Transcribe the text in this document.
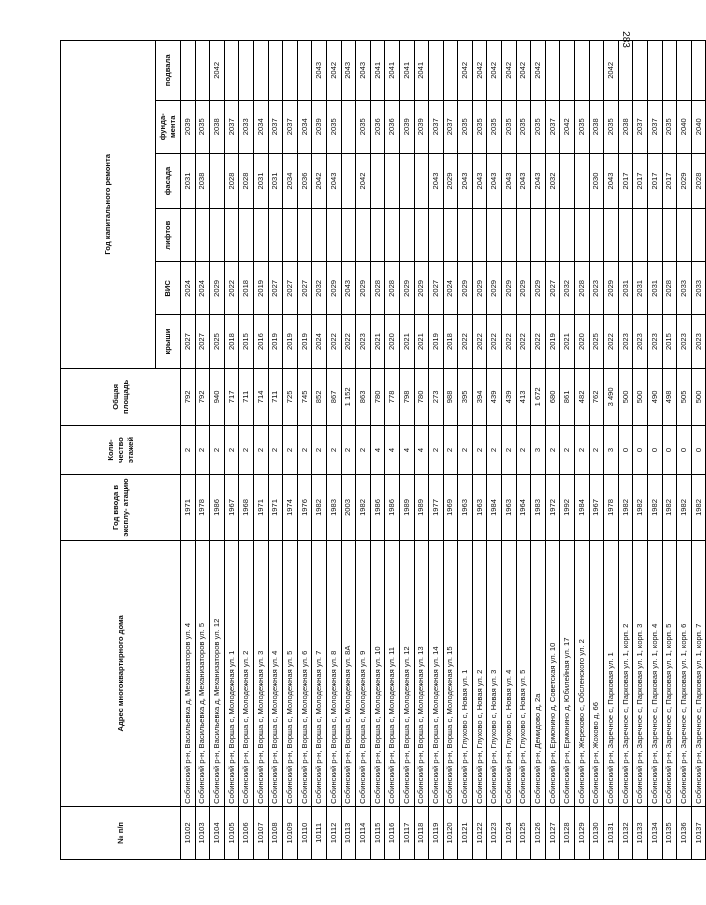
283
№ п/п	Адрес многоквартирного дома	Год ввода в эксплу- атацию	Коли- чество этажей	Общая площадь	Год капитального ремонта					
					крыши	ВИС	лифтов	фасада	фунда- мента	подвала
10102	Собинский р-н, Васильевка д, Механизаторов ул. 4	1971	2	792	2027	2024		2031	2039	
10103	Собинский р-н, Васильевка д, Механизаторов ул. 5	1978	2	792	2027	2024		2038	2035	
10104	Собинский р-н, Васильевка д, Механизаторов ул. 12	1986	2	940	2025	2029			2038	2042
10105	Собинский р-н, Ворша с, Молодежная ул. 1	1967	2	717	2018	2022		2028	2037	
10106	Собинский р-н, Ворша с, Молодежная ул. 2	1968	2	711	2015	2018		2028	2033	
10107	Собинский р-н, Ворша с, Молодежная ул. 3	1971	2	714	2016	2019		2031	2034	
10108	Собинский р-н, Ворша с, Молодежная ул. 4	1971	2	711	2019	2027		2031	2037	
10109	Собинский р-н, Ворша с, Молодежная ул. 5	1974	2	725	2019	2027		2034	2037	
10110	Собинский р-н, Ворша с, Молодежная ул. 6	1976	2	745	2019	2027		2036	2034	
10111	Собинский р-н, Ворша с, Молодежная ул. 7	1982	2	852	2024	2032		2042	2039	2043
10112	Собинский р-н, Ворша с, Молодежная ул. 8	1983	2	867	2022	2029		2043	2035	2042
10113	Собинский р-н, Ворша с, Молодежная ул. 8А	2003	2	1 152	2022	2043				2043
10114	Собинский р-н, Ворша с, Молодежная ул. 9	1982	2	863	2023	2029		2042	2035	2043
10115	Собинский р-н, Ворша с, Молодежная ул. 10	1986	4	780	2021	2028			2036	2041
10116	Собинский р-н, Ворша с, Молодежная ул. 11	1986	4	778	2020	2028			2036	2041
10117	Собинский р-н, Ворша с, Молодежная ул. 12	1989	4	798	2021	2029			2039	2041
10118	Собинский р-н, Ворша с, Молодежная ул. 13	1989	4	780	2021	2029			2039	2041
10119	Собинский р-н, Ворша с, Молодежная ул. 14	1977	2	273	2019	2027		2043	2037	
10120	Собинский р-н, Ворша с, Молодежная ул. 15	1969	2	988	2018	2024		2029	2037	
10121	Собинский р-н, Глухово с, Новая ул. 1	1963	2	395	2022	2029		2043	2035	2042
10122	Собинский р-н, Глухово с, Новая ул. 2	1963	2	394	2022	2029		2043	2035	2042
10123	Собинский р-н, Глухово с, Новая ул. 3	1984	2	439	2022	2029		2043	2035	2042
10124	Собинский р-н, Глухово с, Новая ул. 4	1963	2	439	2022	2029		2043	2035	2042
10125	Собинский р-н, Глухово с, Новая ул. 5	1964	2	413	2022	2029		2043	2035	2042
10126	Собинский р-н, Демидово д, 2а	1983	3	1 672	2022	2029		2043	2035	2042
10127	Собинский р-н, Ермонино д, Советская ул. 10	1972	2	680	2019	2027		2032	2037	
10128	Собинский р-н, Ермонино д, Юбилейная ул. 17	1992	2	861	2021	2032			2042	
10129	Собинский р-н, Жерехово с, Обсленского ул. 2	1984	2	482	2020	2028			2035	
10130	Собинский р-н, Жохово д, 66	1967	2	762	2025	2023		2030	2038	
10131	Собинский р-н, Заречное с, Парковая ул. 1	1978	3	3 490	2022	2029		2043	2035	2042
10132	Собинский р-н, Заречное с, Парковая ул. 1, корп. 2	1982	0	500	2023	2031		2017	2038	
10133	Собинский р-н, Заречное с, Парковая ул. 1, корп. 3	1982	0	500	2023	2031		2017	2037	
10134	Собинский р-н, Заречное с, Парковая ул. 1, корп. 4	1982	0	490	2023	2031		2017	2037	
10135	Собинский р-н, Заречное с, Парковая ул. 1, корп. 5	1982	0	498	2015	2028		2017	2035	
10136	Собинский р-н, Заречное с, Парковая ул. 1, корп. 6	1982	0	505	2023	2033		2029	2040	
10137	Собинский р-н, Заречное с, Парковая ул. 1, корп. 7	1982	0	500	2023	2033		2028	2040	
